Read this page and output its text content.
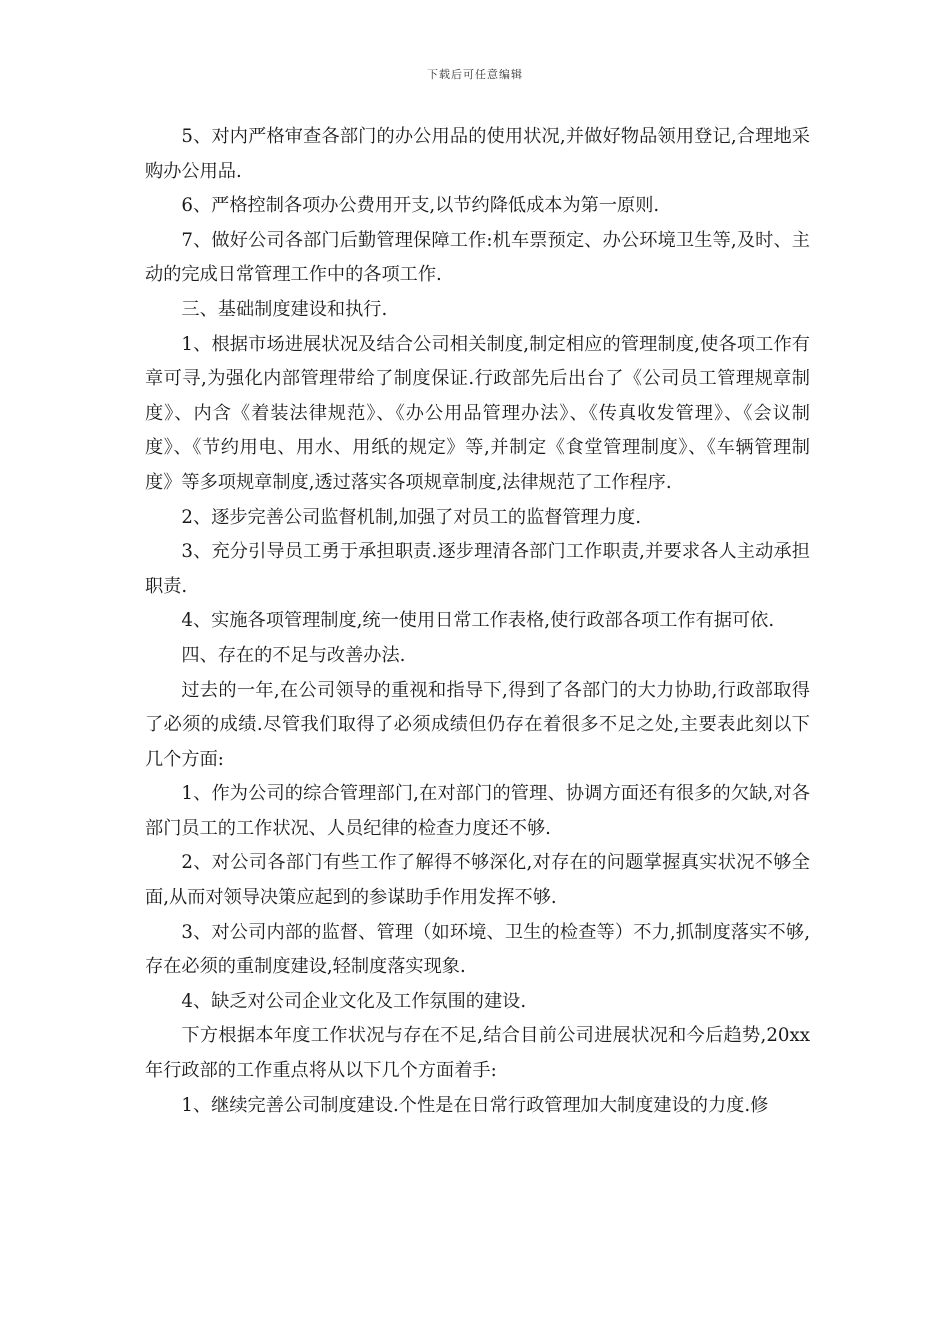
下载后可任意编辑

5、对内严格审查各部门的办公用品的使用状况,并做好物品领用登记,合理地采购办公用品.

6、严格控制各项办公费用开支,以节约降低成本为第一原则.

7、做好公司各部门后勤管理保障工作:机车票预定、办公环境卫生等,及时、主动的完成日常管理工作中的各项工作.

三、基础制度建设和执行.

1、根据市场进展状况及结合公司相关制度,制定相应的管理制度,使各项工作有章可寻,为强化内部管理带给了制度保证.行政部先后出台了《公司员工管理规章制度》、内含《着装法律规范》、《办公用品管理办法》、《传真收发管理》、《会议制度》、《节约用电、用水、用纸的规定》等,并制定《食堂管理制度》、《车辆管理制度》等多项规章制度,透过落实各项规章制度,法律规范了工作程序.

2、逐步完善公司监督机制,加强了对员工的监督管理力度.

3、充分引导员工勇于承担职责.逐步理清各部门工作职责,并要求各人主动承担职责.

4、实施各项管理制度,统一使用日常工作表格,使行政部各项工作有据可依.

四、存在的不足与改善办法.

过去的一年,在公司领导的重视和指导下,得到了各部门的大力协助,行政部取得了必须的成绩.尽管我们取得了必须成绩但仍存在着很多不足之处,主要表此刻以下几个方面:

1、作为公司的综合管理部门,在对部门的管理、协调方面还有很多的欠缺,对各部门员工的工作状况、人员纪律的检查力度还不够.

2、对公司各部门有些工作了解得不够深化,对存在的问题掌握真实状况不够全面,从而对领导决策应起到的参谋助手作用发挥不够.

3、对公司内部的监督、管理（如环境、卫生的检查等）不力,抓制度落实不够,存在必须的重制度建设,轻制度落实现象.

4、缺乏对公司企业文化及工作氛围的建设.

下方根据本年度工作状况与存在不足,结合目前公司进展状况和今后趋势,20xx年行政部的工作重点将从以下几个方面着手:

1、继续完善公司制度建设.个性是在日常行政管理加大制度建设的力度.修
